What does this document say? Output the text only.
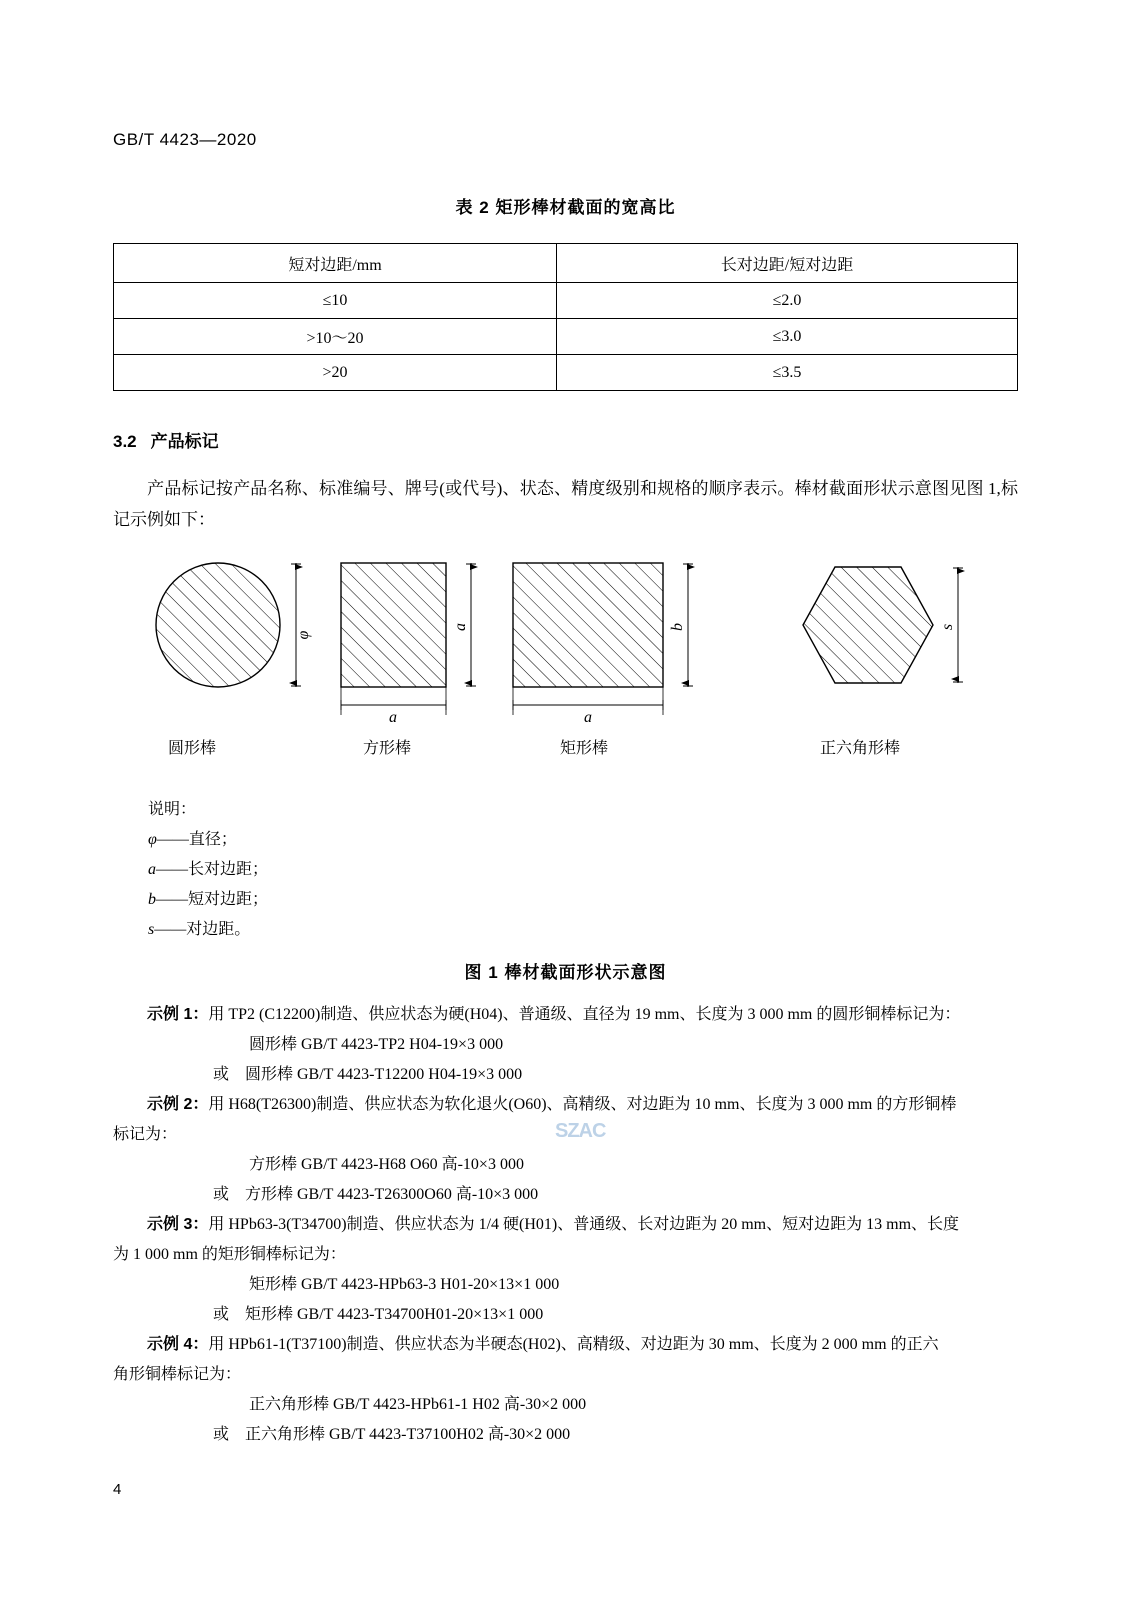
GB/T 4423—2020
表 2 矩形棒材截面的宽高比
短对边距/mm	长对边距/短对边距
≤10	≤2.0
>10～20	≤3.0
>20	≤3.5
3.2 产品标记
产品标记按产品名称、标准编号、牌号(或代号)、状态、精度级别和规格的顺序表示。棒材截面形状示意图见图 1,标记示例如下：
φ
a
a
b
a
s
圆形棒	方形棒	矩形棒	正六角形棒
说明：
φ——直径；
a——长对边距；
b——短对边距；
s——对边距。
图 1 棒材截面形状示意图
示例 1：用 TP2 (C12200)制造、供应状态为硬(H04)、普通级、直径为 19 mm、长度为 3 000 mm 的圆形铜棒标记为：
圆形棒 GB/T 4423-TP2 H04-19×3 000
或　圆形棒 GB/T 4423-T12200 H04-19×3 000
示例 2：用 H68(T26300)制造、供应状态为软化退火(O60)、高精级、对边距为 10 mm、长度为 3 000 mm 的方形铜棒
标记为：
方形棒 GB/T 4423-H68 O60 高-10×3 000
或　方形棒 GB/T 4423-T26300O60 高-10×3 000
示例 3：用 HPb63-3(T34700)制造、供应状态为 1/4 硬(H01)、普通级、长对边距为 20 mm、短对边距为 13 mm、长度
为 1 000 mm 的矩形铜棒标记为：
矩形棒 GB/T 4423-HPb63-3 H01-20×13×1 000
或　矩形棒 GB/T 4423-T34700H01-20×13×1 000
示例 4：用 HPb61-1(T37100)制造、供应状态为半硬态(H02)、高精级、对边距为 30 mm、长度为 2 000 mm 的正六
角形铜棒标记为：
正六角形棒 GB/T 4423-HPb61-1 H02 高-30×2 000
或　正六角形棒 GB/T 4423-T37100H02 高-30×2 000
SZAC
4
